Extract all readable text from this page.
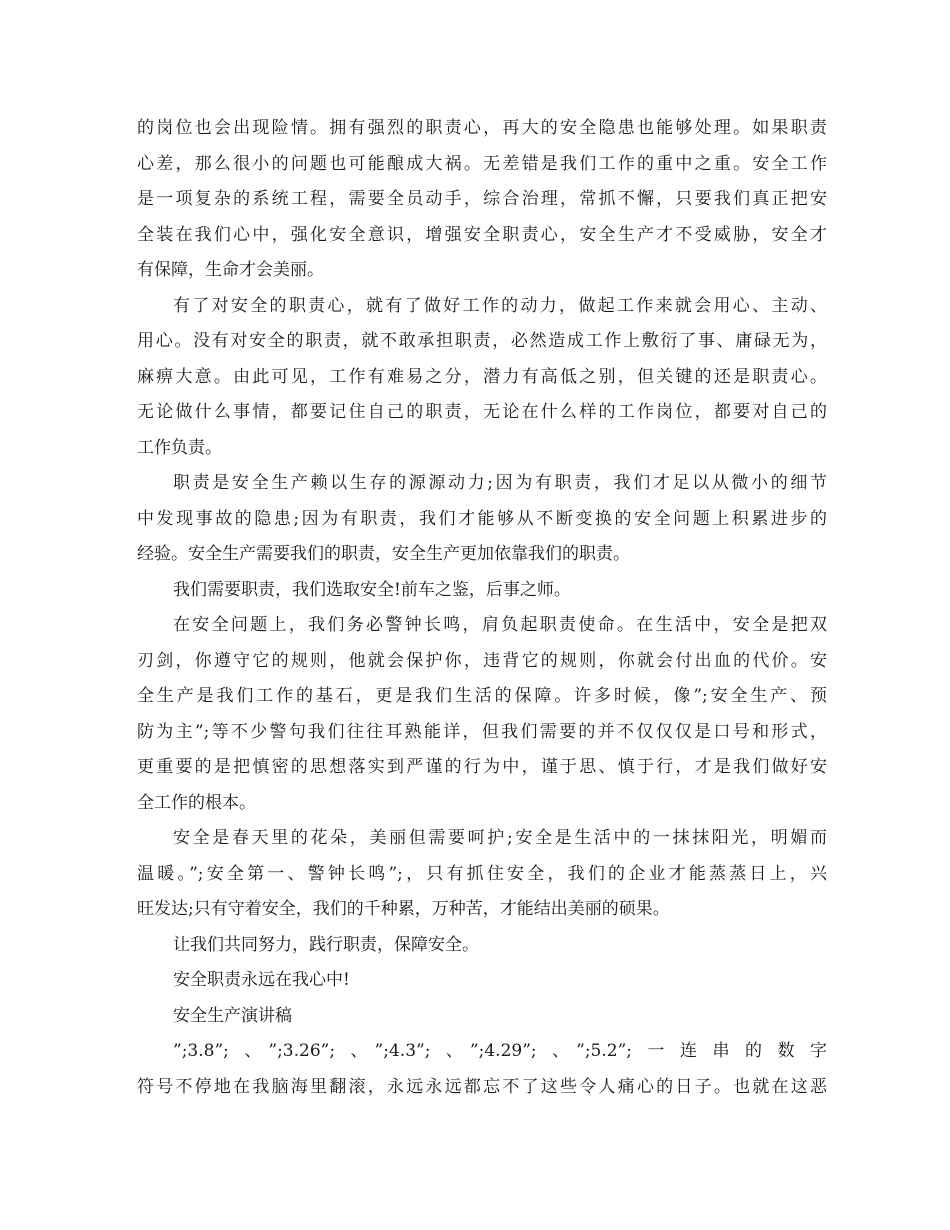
的岗位也会出现险情。拥有强烈的职责心，再大的安全隐患也能够处理。如果职责
心差，那么很小的问题也可能酿成大祸。无差错是我们工作的重中之重。安全工作
是一项复杂的系统工程，需要全员动手，综合治理，常抓不懈，只要我们真正把安
全装在我们心中，强化安全意识，增强安全职责心，安全生产才不受威胁，安全才
有保障，生命才会美丽。
有了对安全的职责心，就有了做好工作的动力，做起工作来就会用心、主动、
用心。没有对安全的职责，就不敢承担职责，必然造成工作上敷衍了事、庸碌无为，
麻痹大意。由此可见，工作有难易之分，潜力有高低之别，但关键的还是职责心。
无论做什么事情，都要记住自己的职责，无论在什么样的工作岗位，都要对自己的
工作负责。
职责是安全生产赖以生存的源源动力;因为有职责，我们才足以从微小的细节
中发现事故的隐患;因为有职责，我们才能够从不断变换的安全问题上积累进步的
经验。安全生产需要我们的职责，安全生产更加依靠我们的职责。
我们需要职责，我们选取安全!前车之鉴，后事之师。
在安全问题上，我们务必警钟长鸣，肩负起职责使命。在生活中，安全是把双
刃剑，你遵守它的规则，他就会保护你，违背它的规则，你就会付出血的代价。安
全生产是我们工作的基石，更是我们生活的保障。许多时候，像”;安全生产、预
防为主”;等不少警句我们往往耳熟能详，但我们需要的并不仅仅仅是口号和形式，
更重要的是把慎密的思想落实到严谨的行为中，谨于思、慎于行，才是我们做好安
全工作的根本。
安全是春天里的花朵，美丽但需要呵护;安全是生活中的一抹抹阳光，明媚而
温暖。”;安全第一、警钟长鸣”;，只有抓住安全，我们的企业才能蒸蒸日上，兴
旺发达;只有守着安全，我们的千种累，万种苦，才能结出美丽的硕果。
让我们共同努力，践行职责，保障安全。
安全职责永远在我心中!
安全生产演讲稿
”;3.8”;、”;3.26”;、”;4.3”;、”;4.29”;、”;5.2”;一连串的数字
符号不停地在我脑海里翻滚，永远永远都忘不了这些令人痛心的日子。也就在这恶
